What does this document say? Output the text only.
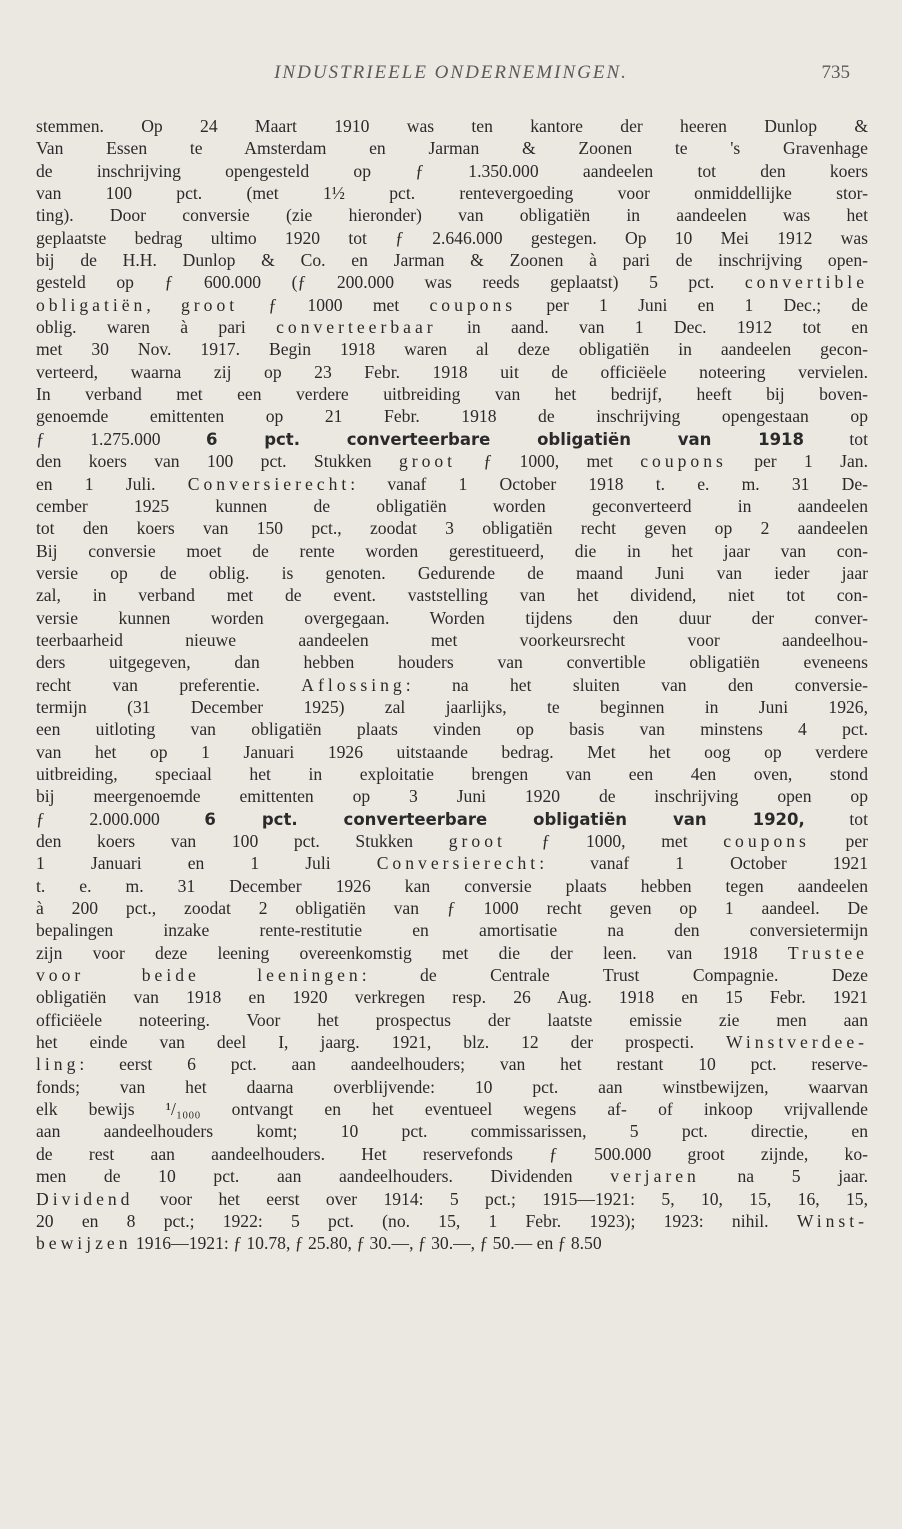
INDUSTRIEELE ONDERNEMINGEN.	735
stemmen. Op 24 Maart 1910 was ten kantore der heeren Dunlop &
Van Essen te Amsterdam en Jarman & Zoonen te 's Gravenhage
de inschrijving opengesteld op ƒ 1.350.000 aandeelen tot den koers
van 100 pct. (met 1½ pct. rentevergoeding voor onmiddellijke stor-
ting). Door conversie (zie hieronder) van obligatiën in aandeelen was het
geplaatste bedrag ultimo 1920 tot ƒ 2.646.000 gestegen. Op 10 Mei 1912 was
bij de H.H. Dunlop & Co. en Jarman & Zoonen à pari de inschrijving open-
gesteld op ƒ 600.000 (ƒ 200.000 was reeds geplaatst) 5 pct. convertible
obligatiën, groot ƒ 1000 met coupons per 1 Juni en 1 Dec.; de
oblig. waren à pari converteerbaar in aand. van 1 Dec. 1912 tot en
met 30 Nov. 1917. Begin 1918 waren al deze obligatiën in aandeelen gecon-
verteerd, waarna zij op 23 Febr. 1918 uit de officiëele noteering vervielen.
In verband met een verdere uitbreiding van het bedrijf, heeft bij boven-
genoemde emittenten op 21 Febr. 1918 de inschrijving opengestaan op
ƒ 1.275.000 6 pct. converteerbare obligatiën van 1918 tot
den koers van 100 pct. Stukken groot ƒ 1000, met coupons per 1 Jan.
en 1 Juli. Conversierecht: vanaf 1 October 1918 t. e. m. 31 De-
cember 1925 kunnen de obligatiën worden geconverteerd in aandeelen
tot den koers van 150 pct., zoodat 3 obligatiën recht geven op 2 aandeelen
Bij conversie moet de rente worden gerestitueerd, die in het jaar van con-
versie op de oblig. is genoten. Gedurende de maand Juni van ieder jaar
zal, in verband met de event. vaststelling van het dividend, niet tot con-
versie kunnen worden overgegaan. Worden tijdens den duur der conver-
teerbaarheid nieuwe aandeelen met voorkeursrecht voor aandeelhou-
ders uitgegeven, dan hebben houders van convertible obligatiën eveneens
recht van preferentie. Aflossing: na het sluiten van den conversie-
termijn (31 December 1925) zal jaarlijks, te beginnen in Juni 1926,
een uitloting van obligatiën plaats vinden op basis van minstens 4 pct.
van het op 1 Januari 1926 uitstaande bedrag. Met het oog op verdere
uitbreiding, speciaal het in exploitatie brengen van een 4en oven, stond
bij meergenoemde emittenten op 3 Juni 1920 de inschrijving open op
ƒ 2.000.000 6 pct. converteerbare obligatiën van 1920, tot
den koers van 100 pct. Stukken groot ƒ 1000, met coupons per
1 Januari en 1 Juli Conversierecht: vanaf 1 October 1921
t. e. m. 31 December 1926 kan conversie plaats hebben tegen aandeelen
à 200 pct., zoodat 2 obligatiën van ƒ 1000 recht geven op 1 aandeel. De
bepalingen inzake rente-restitutie en amortisatie na den conversietermijn
zijn voor deze leening overeenkomstig met die der leen. van 1918 Trustee
voor beide leeningen: de Centrale Trust Compagnie. Deze
obligatiën van 1918 en 1920 verkregen resp. 26 Aug. 1918 en 15 Febr. 1921
officiëele noteering. Voor het prospectus der laatste emissie zie men aan
het einde van deel I, jaarg. 1921, blz. 12 der prospecti. Winstverdee-
ling: eerst 6 pct. aan aandeelhouders; van het restant 10 pct. reserve-
fonds; van het daarna overblijvende: 10 pct. aan winstbewijzen, waarvan
elk bewijs ¹/₁₀₀₀ ontvangt en het eventueel wegens af- of inkoop vrijvallende
aan aandeelhouders komt; 10 pct. commissarissen, 5 pct. directie, en
de rest aan aandeelhouders. Het reservefonds ƒ 500.000 groot zijnde, ko-
men de 10 pct. aan aandeelhouders. Dividenden verjaren na 5 jaar.
Dividend voor het eerst over 1914: 5 pct.; 1915—1921: 5, 10, 15, 16, 15,
20 en 8 pct.; 1922: 5 pct. (no. 15, 1 Febr. 1923); 1923: nihil. Winst-
bewijzen 1916—1921: ƒ 10.78, ƒ 25.80, ƒ 30.—, ƒ 30.—, ƒ 50.— en ƒ 8.50
